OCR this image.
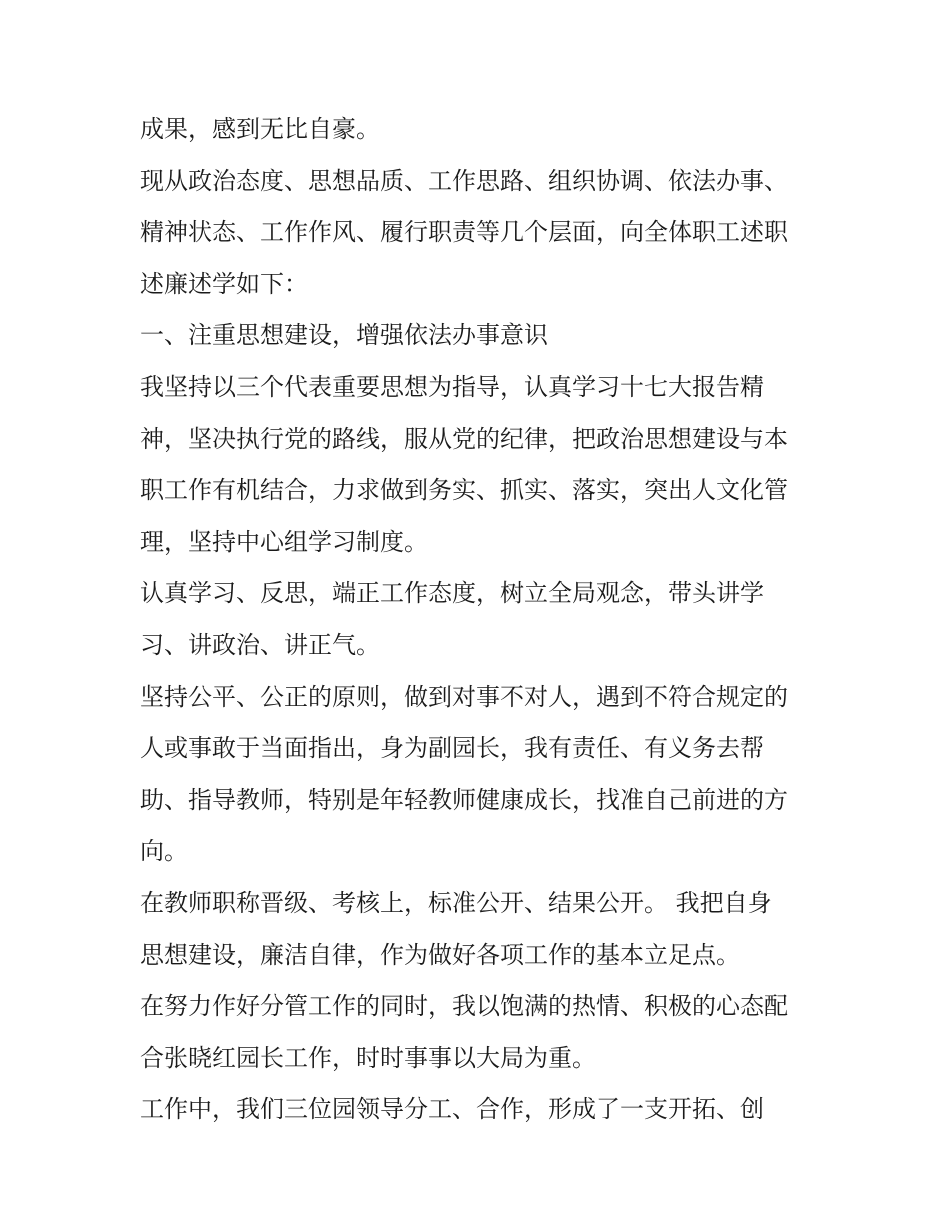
成果，感到无比自豪。
现从政治态度、思想品质、工作思路、组织协调、依法办事、
精神状态、工作作风、履行职责等几个层面，向全体职工述职
述廉述学如下：
一、注重思想建设，增强依法办事意识
我坚持以三个代表重要思想为指导，认真学习十七大报告精
神，坚决执行党的路线，服从党的纪律，把政治思想建设与本
职工作有机结合，力求做到务实、抓实、落实，突出人文化管
理，坚持中心组学习制度。
认真学习、反思，端正工作态度，树立全局观念，带头讲学
习、讲政治、讲正气。
坚持公平、公正的原则，做到对事不对人，遇到不符合规定的
人或事敢于当面指出，身为副园长，我有责任、有义务去帮
助、指导教师，特别是年轻教师健康成长，找准自己前进的方
向。
在教师职称晋级、考核上，标准公开、结果公开。 我把自身
思想建设，廉洁自律，作为做好各项工作的基本立足点。
在努力作好分管工作的同时，我以饱满的热情、积极的心态配
合张晓红园长工作，时时事事以大局为重。
工作中，我们三位园领导分工、合作，形成了一支开拓、创
